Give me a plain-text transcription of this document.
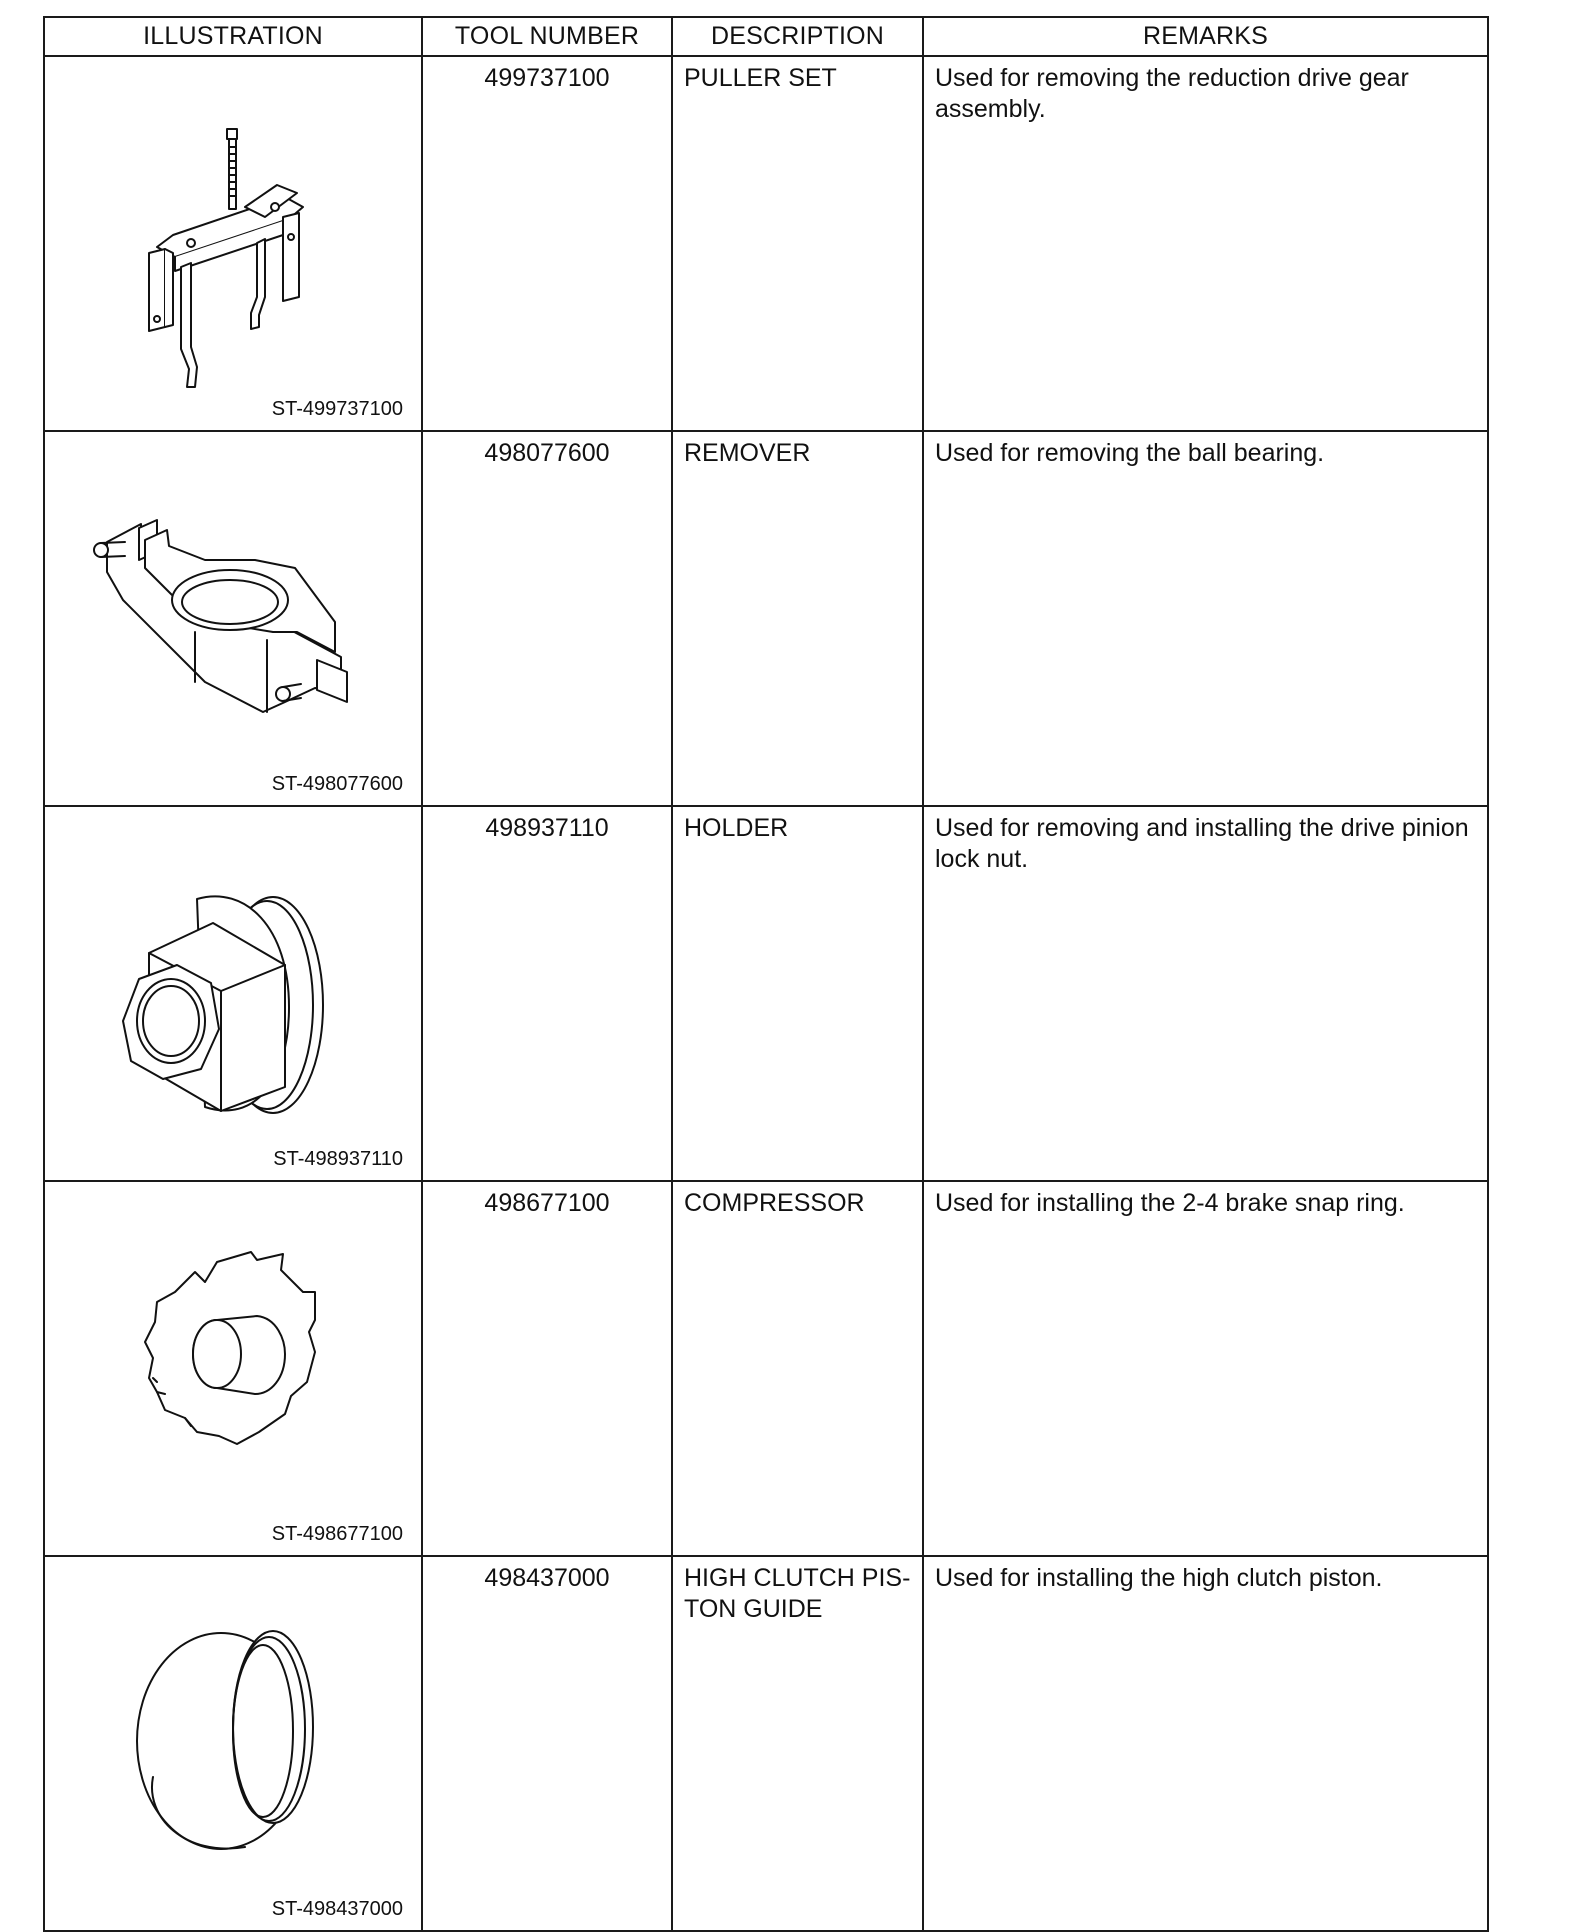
ILLUSTRATION	TOOL NUMBER	DESCRIPTION	REMARKS

ST-499737100	499737100	PULLER SET	Used for removing the reduction drive gear assembly.

ST-498077600	498077600	REMOVER	Used for removing the ball bearing.

ST-498937110	498937110	HOLDER	Used for removing and installing the drive pinion lock nut.

ST-498677100	498677100	COMPRESSOR	Used for installing the 2-4 brake snap ring.

ST-498437000	498437000	HIGH CLUTCH PIS-TON GUIDE	Used for installing the high clutch piston.
